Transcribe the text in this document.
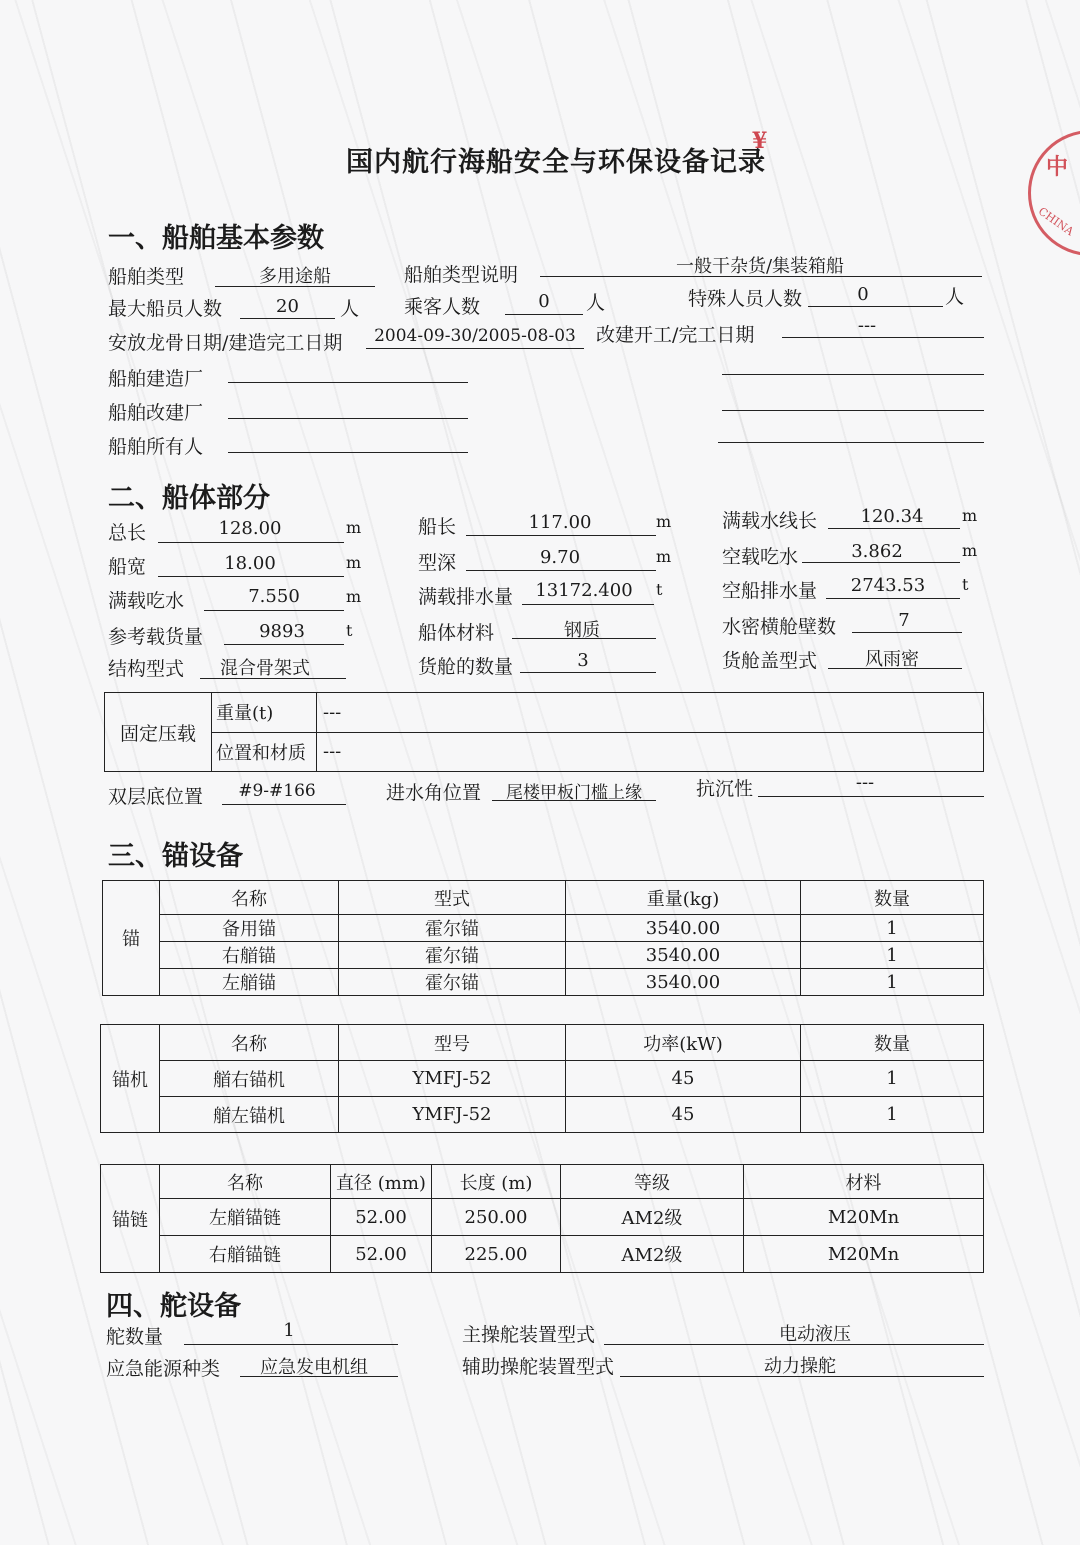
中
CHINA
国内航行海船安全与环保设备记录
¥
一、船舶基本参数
船舶类型	多用途船	船舶类型说明	一般干杂货/集装箱船
最大船员人数	20	人 乘客人数	0	人	特殊人员人数	0	人
安放龙骨日期/建造完工日期	2004-09-30/2005-08-03	改建开工/完工日期	---
船舶建造厂
船舶改建厂
船舶所有人
二、船体部分
总长	128.00	m	船长	117.00	m	满载水线长	120.34	m
船宽	18.00	m	型深	9.70	m	空载吃水	3.862	m
满载吃水	7.550	m	满载排水量	13172.400	t	空船排水量	2743.53	t
参考载货量	9893	t	船体材料	钢质	水密横舱壁数	7
结构型式	混合骨架式	货舱的数量	3	货舱盖型式	风雨密
固定压载	重量(t)	---
	位置和材质	---
双层底位置	#9-#166	进水角位置	尾楼甲板门槛上缘	抗沉性	---
三、锚设备
锚	名称	型式	重量(kg)	数量
	备用锚	霍尔锚	3540.00	1
	右艏锚	霍尔锚	3540.00	1
	左艏锚	霍尔锚	3540.00	1
锚机	名称	型号	功率(kW)	数量
	艏右锚机	YMFJ-52	45	1
	艏左锚机	YMFJ-52	45	1
锚链	名称	直径 (mm)	长度 (m)	等级	材料
	左艏锚链	52.00	250.00	AM2级	M20Mn
	右艏锚链	52.00	225.00	AM2级	M20Mn
四、舵设备
舵数量	1	主操舵装置型式	电动液压
应急能源种类	应急发电机组	辅助操舵装置型式	动力操舵
